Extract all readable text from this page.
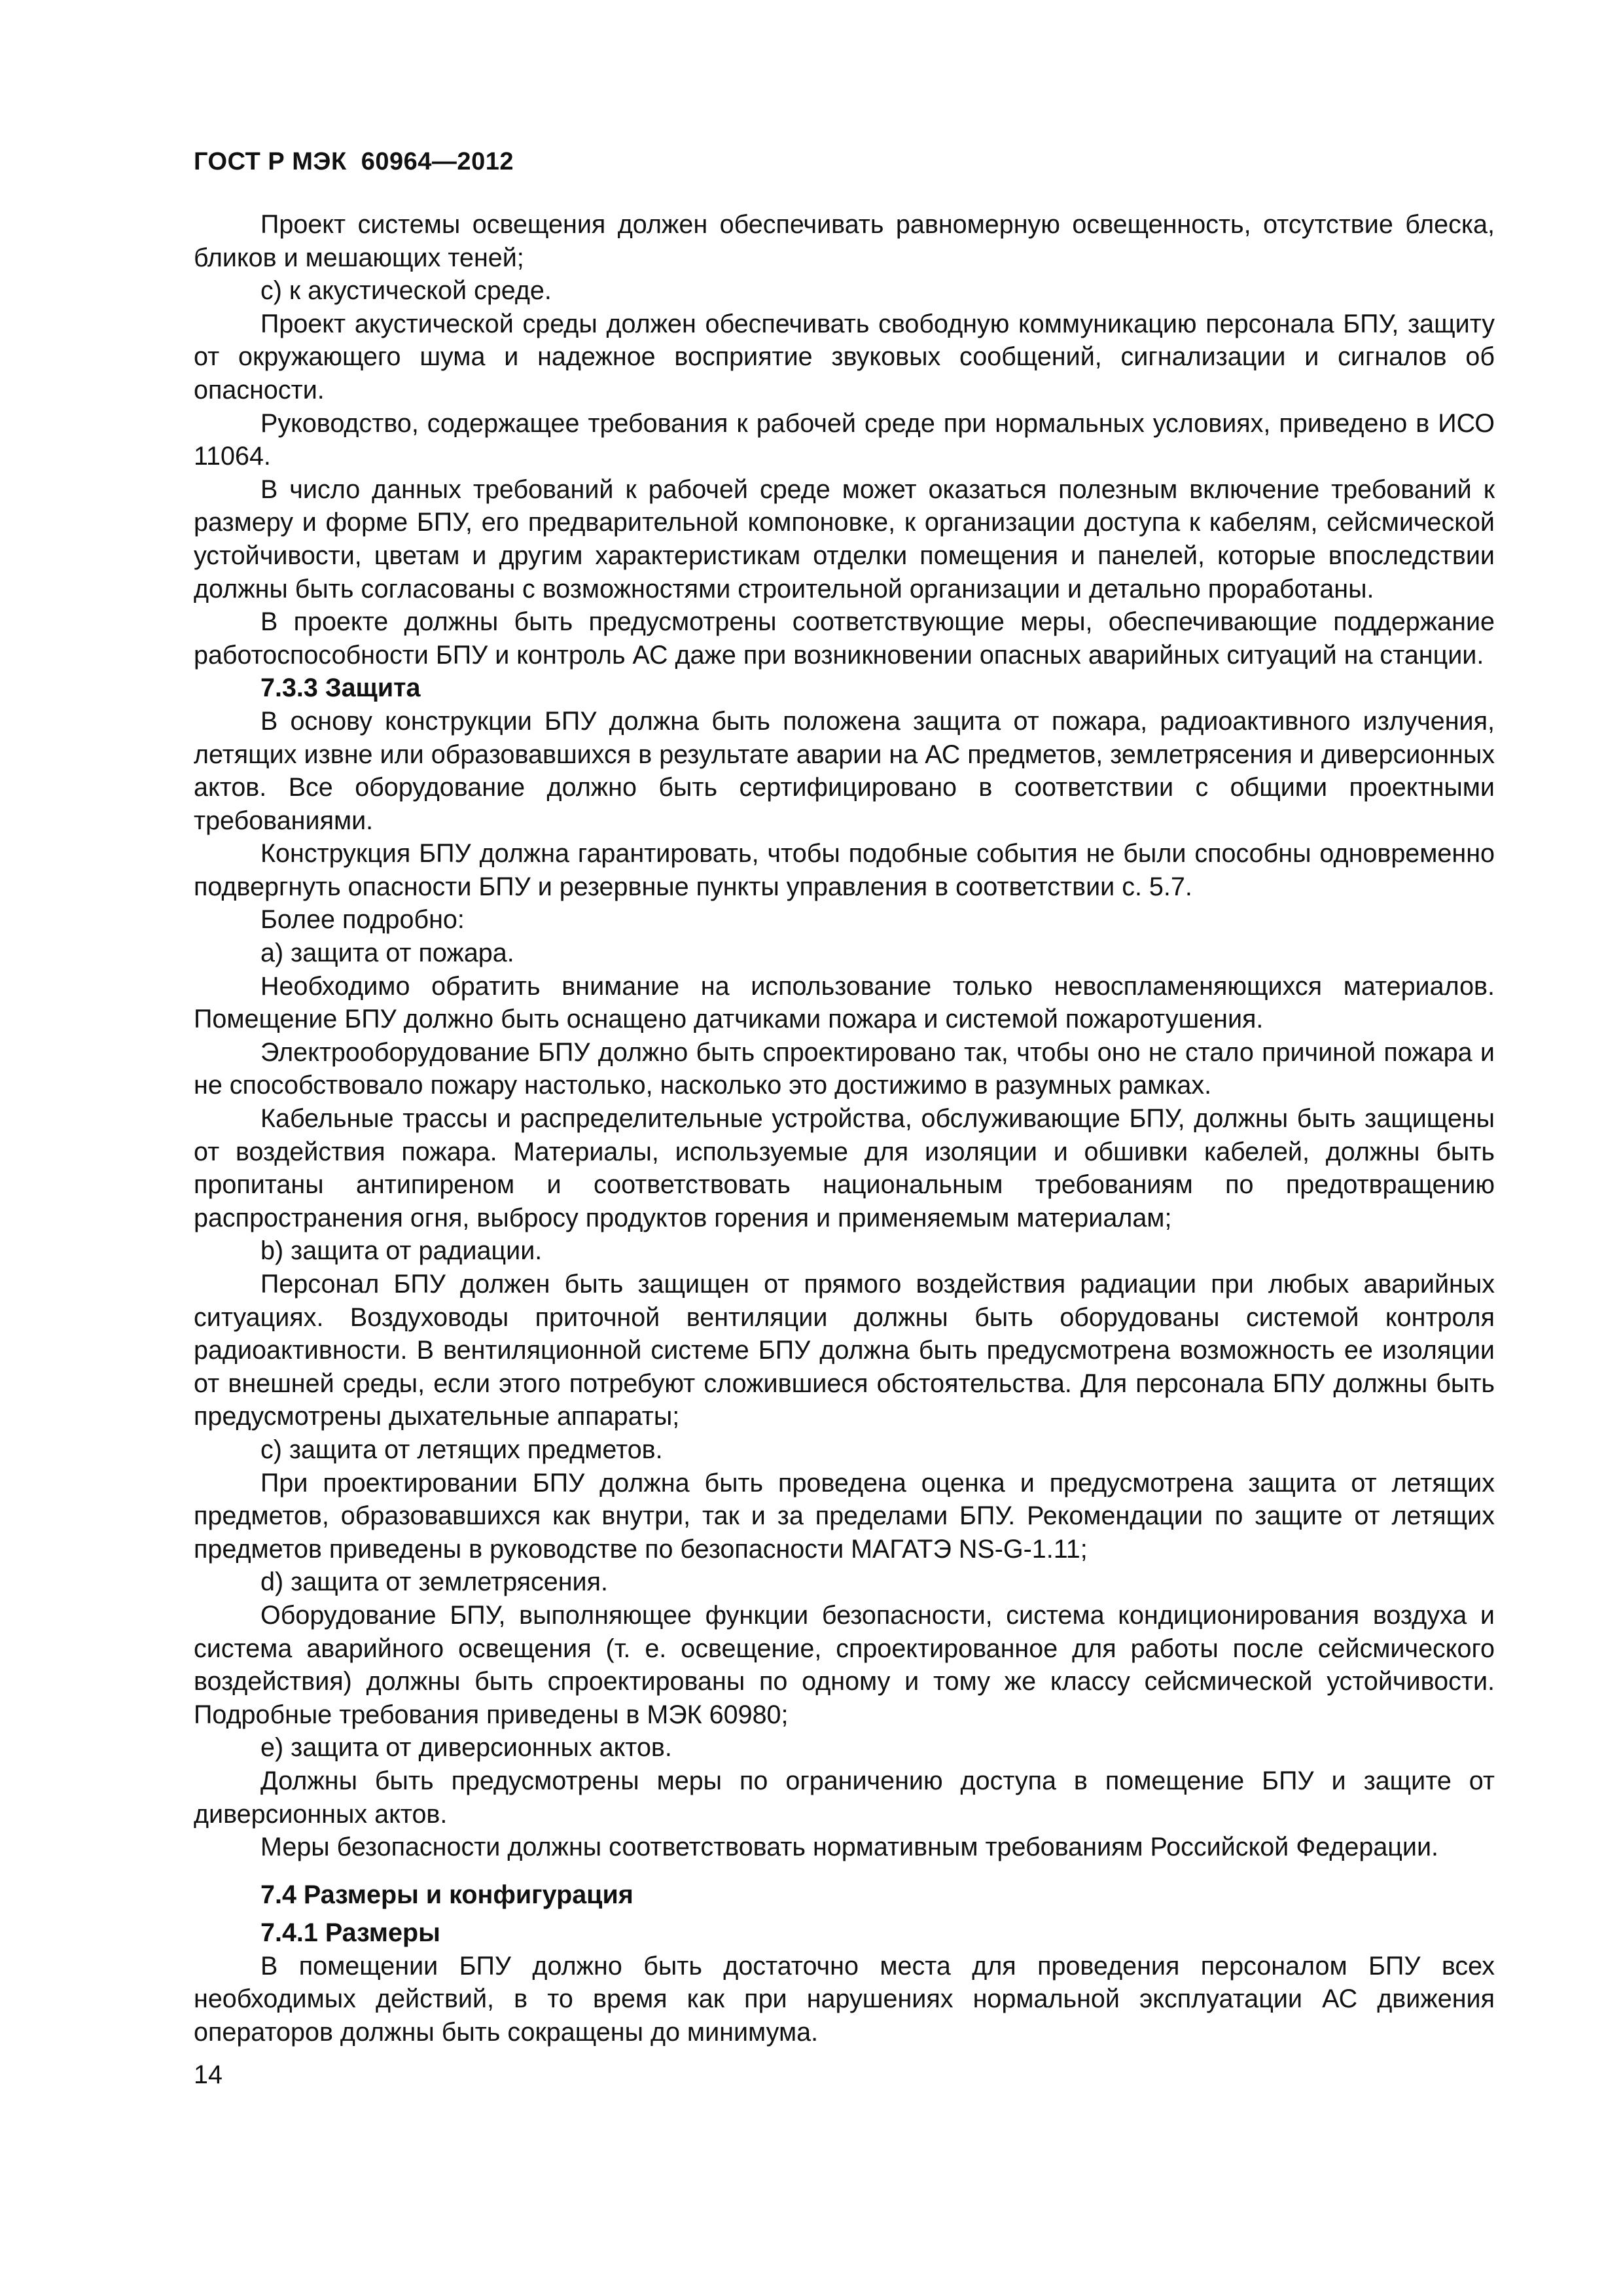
ГОСТ Р МЭК  60964—2012

Проект системы освещения должен обеспечивать равномерную освещенность, отсутствие блеска, бликов и мешающих теней;

с) к акустической среде.

Проект акустической среды должен обеспечивать свободную коммуникацию персонала БПУ, защиту от окружающего шума и надежное восприятие звуковых сообщений, сигнализации и сигналов об опасности.

Руководство, содержащее требования к рабочей среде при нормальных условиях, приведено в ИСО 11064.

В число данных требований к рабочей среде может оказаться полезным включение требований к размеру и форме БПУ, его предварительной компоновке, к организации доступа к кабелям, сейсмической устойчивости, цветам и другим характеристикам отделки помещения и панелей, которые впоследствии должны быть согласованы с возможностями строительной организации и детально проработаны.

В проекте должны быть предусмотрены соответствующие меры, обеспечивающие поддержание работоспособности БПУ и контроль АС даже при возникновении опасных аварийных ситуаций на станции.

7.3.3 Защита

В основу конструкции БПУ должна быть положена защита от пожара, радиоактивного излучения, летящих извне или образовавшихся в результате аварии на АС предметов, землетрясения и диверсионных актов. Все оборудование должно быть сертифицировано в соответствии с общими проектными требованиями.

Конструкция БПУ должна гарантировать, чтобы подобные события не были способны одновременно подвергнуть опасности БПУ и резервные пункты управления в соответствии с. 5.7.

Более подробно:

а) защита от пожара.

Необходимо обратить внимание на использование только невоспламеняющихся материалов. Помещение БПУ должно быть оснащено датчиками пожара и системой пожаротушения.

Электрооборудование БПУ должно быть спроектировано так, чтобы оно не стало причиной пожара и не способствовало пожару настолько, насколько это достижимо в разумных рамках.

Кабельные трассы и распределительные устройства, обслуживающие БПУ, должны быть защищены от воздействия пожара. Материалы, используемые для изоляции и обшивки кабелей, должны быть пропитаны антипиреном и соответствовать национальным требованиям по предотвращению распространения огня, выбросу продуктов горения и применяемым материалам;

b) защита от радиации.

Персонал БПУ должен быть защищен от прямого воздействия радиации при любых аварийных ситуациях. Воздуховоды приточной вентиляции должны быть оборудованы системой контроля радиоактивности. В вентиляционной системе БПУ должна быть предусмотрена возможность ее изоляции от внешней среды, если этого потребуют сложившиеся обстоятельства. Для персонала БПУ должны быть предусмотрены дыхательные аппараты;

с) защита от летящих предметов.

При проектировании БПУ должна быть проведена оценка и предусмотрена защита от летящих предметов, образовавшихся как внутри, так и за пределами БПУ. Рекомендации по защите от летящих предметов приведены в руководстве по безопасности МАГАТЭ NS-G-1.11;

d) защита от землетрясения.

Оборудование БПУ, выполняющее функции безопасности, система кондиционирования воздуха и система аварийного освещения (т. е. освещение, спроектированное для работы после сейсмического воздействия) должны быть спроектированы по одному и тому же классу сейсмической устойчивости. Подробные требования приведены в МЭК 60980;

е) защита от диверсионных актов.

Должны быть предусмотрены меры по ограничению доступа в помещение БПУ и защите от диверсионных актов.

Меры безопасности должны соответствовать нормативным требованиям Российской Федерации.

7.4 Размеры и конфигурация

7.4.1 Размеры

В помещении БПУ должно быть достаточно места для проведения персоналом БПУ всех необходимых действий, в то время как при нарушениях нормальной эксплуатации АС движения операторов должны быть сокращены до минимума.

14
